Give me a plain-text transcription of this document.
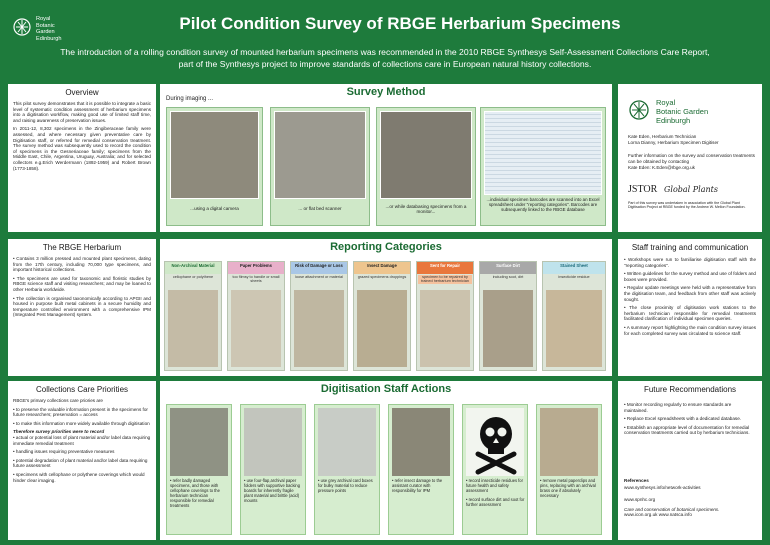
Royal
Botanic Garden
Edinburgh
Pilot Condition Survey of RBGE Herbarium Specimens
The introduction of a rolling condition survey of mounted herbarium specimens was recommended in the 2010 RBGE Synthesys Self-Assessment Collections Care Report,
part of the Synthesys project to improve standards of collections care in European natural history collections.
Overview

This pilot survey demonstrates that it is possible to integrate a basic level of systematic condition assessment of herbarium specimens into a digitisation workflow, making good use of limited staff time, and raising awareness of preservation issues.

In 2011-12, 8,302 specimens in the Zingiberaceae family were assessed, and where necessary given preventative care by Digitisation staff, or referred for remedial conservation treatment. The survey method was subsequently used to record the condition of specimens in the Gesneriaceae family; specimens from the Middle East, Chile, Argentina, Uruguay, Australia; and for selected collectors e.g.Erich Werdermann (1892-1959) and Robert Brown (1773-1858).

Survey Method
During imaging ...
...using a digital camera	... or flat bed scanner	...or while databasing specimens from a monitor...
...individual specimen barcodes are scanned into an Excel spreadsheet under "reporting categories". Barcodes are subsequently linked to the RBGE database
Royal
Botanic Garden
Edinburgh
Kate Eden, Herbarium Technician
Lorna Dianny, Herbarium Specimen Digitiser
Further information on the survey and conservation treatments can be obtained by contacting
Kate Eden: K.Eden@rbge.org.uk
JSTOR Global Plants
Part of this survey was undertaken in association with the Global Plant Digitisation Project at RBGE funded by the Andrew W. Mellon Foundation.
The RBGE Herbarium

• Contains 3 million pressed and mounted plant specimens, dating from the 17th century, including 70,000 type specimens, and important historical collections.

• The specimens are used for taxonomic and floristic studies by RBGE science staff and visiting researchers; and may be loaned to other Herbaria worldwide.

• The collection is organised taxonomically according to APGII and housed in purpose built metal cabinets in a secure humidity and temperature controlled environment with a comprehensive IPM (Integrated Pest Management) system.

Reporting Categories
Non-Archival Material
cellophane or polythene
Paper Problems
too flimsy to handle or small sheets
Risk of Damage or Loss
loose attachment or material
Insect Damage
grazed specimens droppings
Sent for Repair
specimen to be repaired by trained herbarium technician
Surface Dirt
including soot, dirt
Stained Sheet
insecticide residue
Staff training and communication

• Workshops were run to familiarise digitisation staff with the "reporting categories".

• Written guidelines for the survey method and use of folders and boxes were provided.

• Regular update meetings were held with a representative from the digitisation team, and feedback from other staff was actively sought.

• The close proximity of digitisation work stations to the herbarium technician responsible for remedial treatments facilitated clarification of individual specimen queries.

• A summary report highlighting the main condition survey issues for each completed survey was circulated to science staff.

Collections Care Priorities

RBGE's primary collections care priories are

• to preserve the valuable information present in the specimens for future researchers; preservation = access

• to make this information more widely available through digitisation

Therefore survey priorities were to record

• actual or potential loss of plant material and/or label data requiring immediate remedial treatment

• handling issues requiring preventative measures

• potential degradation of plant material and/or label data requiring future assessment

• specimens with cellophane or polythene coverings which would hinder clear imaging.

Digitisation Staff Actions
• refer badly damaged specimens, and those with cellophane coverings to the herbarium technician responsible for remedial treatments
• use four-flap,archival paper folders with supportive backing boards for inherently fragile plant material and brittle (acid) mounts
• use grey archival card boxes for bulky material to reduce pressure points
• refer insect damage to the assistant curator with responsibility for IPM

• record insecticide residues for future health and safety assessment

• record surface dirt and soot for further assessment

• remove metal paperclips and pins, replacing with an archival brass one if absolutely necessary
Future Recommendations

• Monitor recording regularly to ensure standards are maintained.

• Replace Excel spreadsheets with a dedicated database.

• Establish an appropriate level of documentation for remedial conservation treatments carried out by herbarium technicians.

References
www.synthesys.info/network-activities
www.spnhc.org
Care and conservation of botanical specimens.
www.icon.org.uk www.natsca.info
